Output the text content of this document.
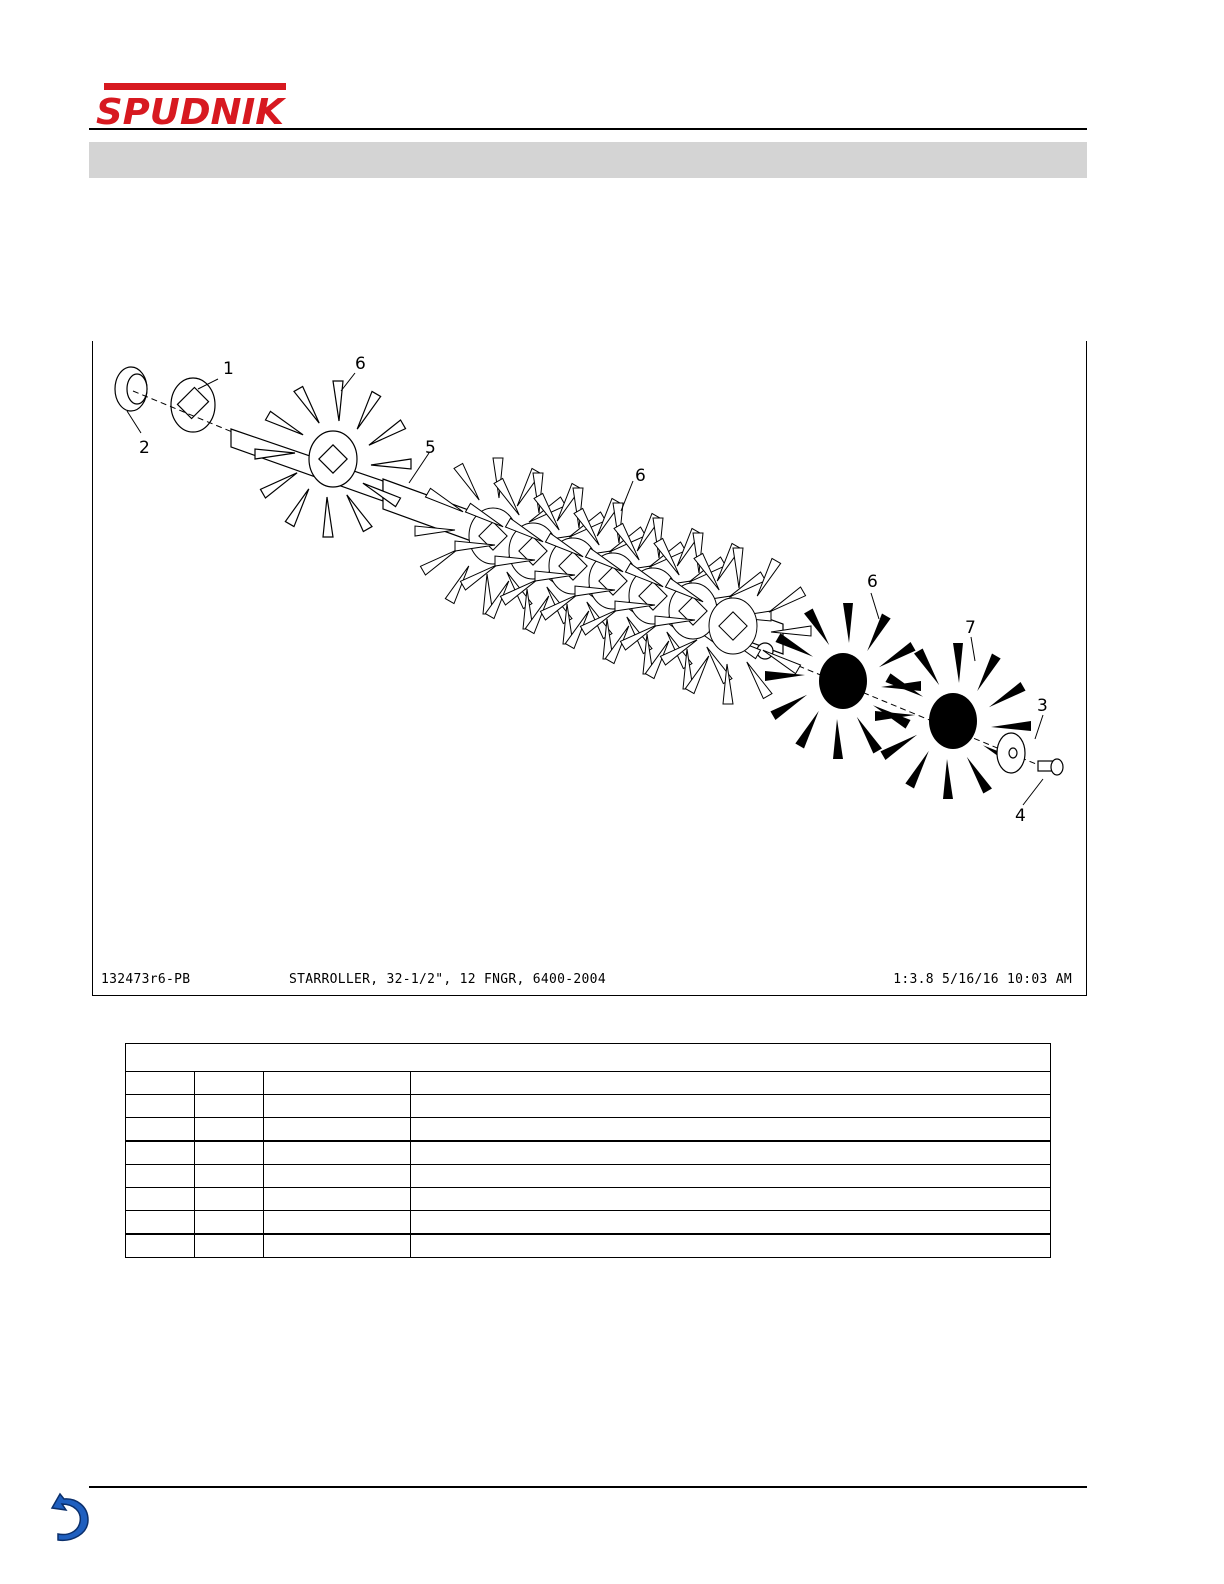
SPUDNIK
1
2
6
5
6
6
7
3
4
132473r6-PB	STARROLLER, 32-1/2", 12 FNGR, 6400-2004	1:3.8 5/16/16 10:03 AM
